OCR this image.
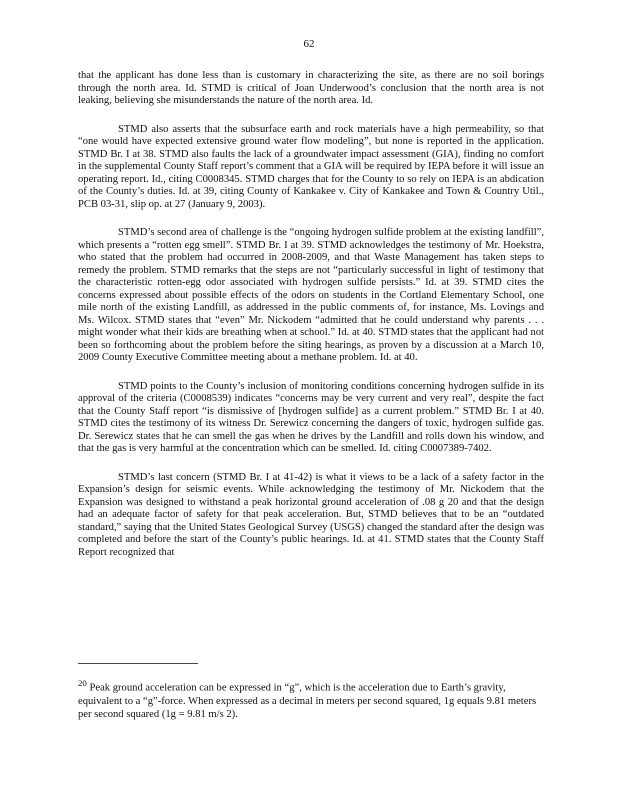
62

that the applicant has done less than is customary in characterizing the site, as there are no soil borings through the north area. Id. STMD is critical of Joan Underwood’s conclusion that the north area is not leaking, believing she misunderstands the nature of the north area. Id.

STMD also asserts that the subsurface earth and rock materials have a high permeability, so that “one would have expected extensive ground water flow modeling”, but none is reported in the application. STMD Br. I at 38. STMD also faults the lack of a groundwater impact assessment (GIA), finding no comfort in the supplemental County Staff report’s comment that a GIA will be required by IEPA before it will issue an operating report. Id., citing C0008345. STMD charges that for the County to so rely on IEPA is an abdication of the County’s duties. Id. at 39, citing County of Kankakee v. City of Kankakee and Town & Country Util., PCB 03-31, slip op. at 27 (January 9, 2003).

STMD’s second area of challenge is the “ongoing hydrogen sulfide problem at the existing landfill”, which presents a “rotten egg smell”. STMD Br. I at 39. STMD acknowledges the testimony of Mr. Hoekstra, who stated that the problem had occurred in 2008-2009, and that Waste Management has taken steps to remedy the problem. STMD remarks that the steps are not “particularly successful in light of testimony that the characteristic rotten-egg odor associated with hydrogen sulfide persists.” Id. at 39. STMD cites the concerns expressed about possible effects of the odors on students in the Cortland Elementary School, one mile north of the existing Landfill, as addressed in the public comments of, for instance, Ms. Lovings and Ms. Wilcox. STMD states that “even” Mr. Nickodem “admitted that he could understand why parents . . . might wonder what their kids are breathing when at school.” Id. at 40. STMD states that the applicant had not been so forthcoming about the problem before the siting hearings, as proven by a discussion at a March 10, 2009 County Executive Committee meeting about a methane problem. Id. at 40.

STMD points to the County’s inclusion of monitoring conditions concerning hydrogen sulfide in its approval of the criteria (C0008539) indicates “concerns may be very current and very real”, despite the fact that the County Staff report “is dismissive of [hydrogen sulfide] as a current problem.” STMD Br. I at 40. STMD cites the testimony of its witness Dr. Serewicz concerning the dangers of toxic, hydrogen sulfide gas. Dr. Serewicz states that he can smell the gas when he drives by the Landfill and rolls down his window, and that the gas is very harmful at the concentration which can be smelled. Id. citing C0007389-7402.

STMD’s last concern (STMD Br. I at 41-42) is what it views to be a lack of a safety factor in the Expansion’s design for seismic events. While acknowledging the testimony of Mr. Nickodem that the Expansion was designed to withstand a peak horizontal ground acceleration of .08 g 20 and that the design had an adequate factor of safety for that peak acceleration. But, STMD believes that to be an “outdated standard,” saying that the United States Geological Survey (USGS) changed the standard after the design was completed and before the start of the County’s public hearings. Id. at 41. STMD states that the County Staff Report recognized that

$^{20}$ Peak ground acceleration can be expressed in “g”, which is the acceleration due to Earth’s gravity, equivalent to a “g”-force. When expressed as a decimal in meters per second squared, 1g equals 9.81 meters per second squared (1g = 9.81 m/s 2).
